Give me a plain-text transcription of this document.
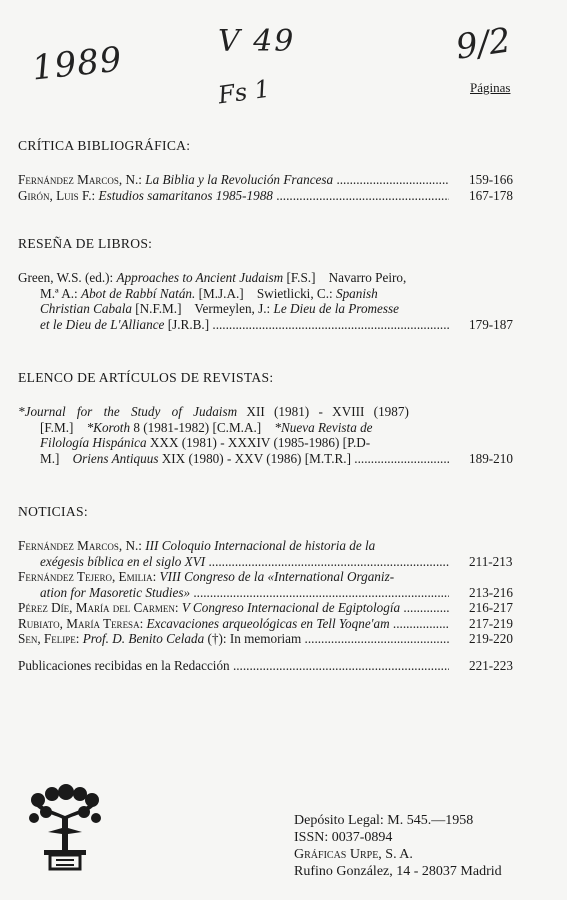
1989	V 49
Fs 1
9/2
Páginas
CRÍTICA BIBLIOGRÁFICA:
Fernández Marcos, N.: La Biblia y la Revolución Francesa .....	159-166
Girón, Luis F.: Estudios samaritanos 1985-1988 .....	167-178
RESEÑA DE LIBROS:
Green, W.S. (ed.): Approaches to Ancient Judaism [F.S.]    Navarro Peiro,
M.ª A.: Abot de Rabbí Natán. [M.J.A.]    Swietlicki, C.: Spanish
Christian Cabala [N.F.M.]    Vermeylen, J.: Le Dieu de la Promesse
et le Dieu de L'Alliance [J.R.B.] .....	179-187
ELENCO DE ARTÍCULOS DE REVISTAS:
*Journal for the Study of Judaism XII (1981) - XVIII (1987)
[F.M.]    *Koroth 8 (1981-1982) [C.M.A.]    *Nueva Revista de
Filología Hispánica XXX (1981) - XXXIV (1985-1986) [P.D-
M.]    Oriens Antiquus XIX (1980) - XXV (1986) [M.T.R.] .....	189-210
NOTICIAS:
Fernández Marcos, N.: III Coloquio Internacional de historia de la
exégesis bíblica en el siglo XVI .....	211-213
Fernández Tejero, Emilia: VIII Congreso de la «International Organiz-
ation for Masoretic Studies» .....	213-216
Pérez Díe, María del Carmen: V Congreso Internacional de Egiptología .....	216-217
Rubiato, María Teresa: Excavaciones arqueológicas en Tell Yoqne'am .....	217-219
Sen, Felipe: Prof. D. Benito Celada (†): In memoriam .....	219-220
Publicaciones recibidas en la Redacción .....	221-223
Depósito Legal: M. 545.—1958
ISSN: 0037-0894
Gráficas Urpe, S. A.
Rufino González, 14 - 28037 Madrid
